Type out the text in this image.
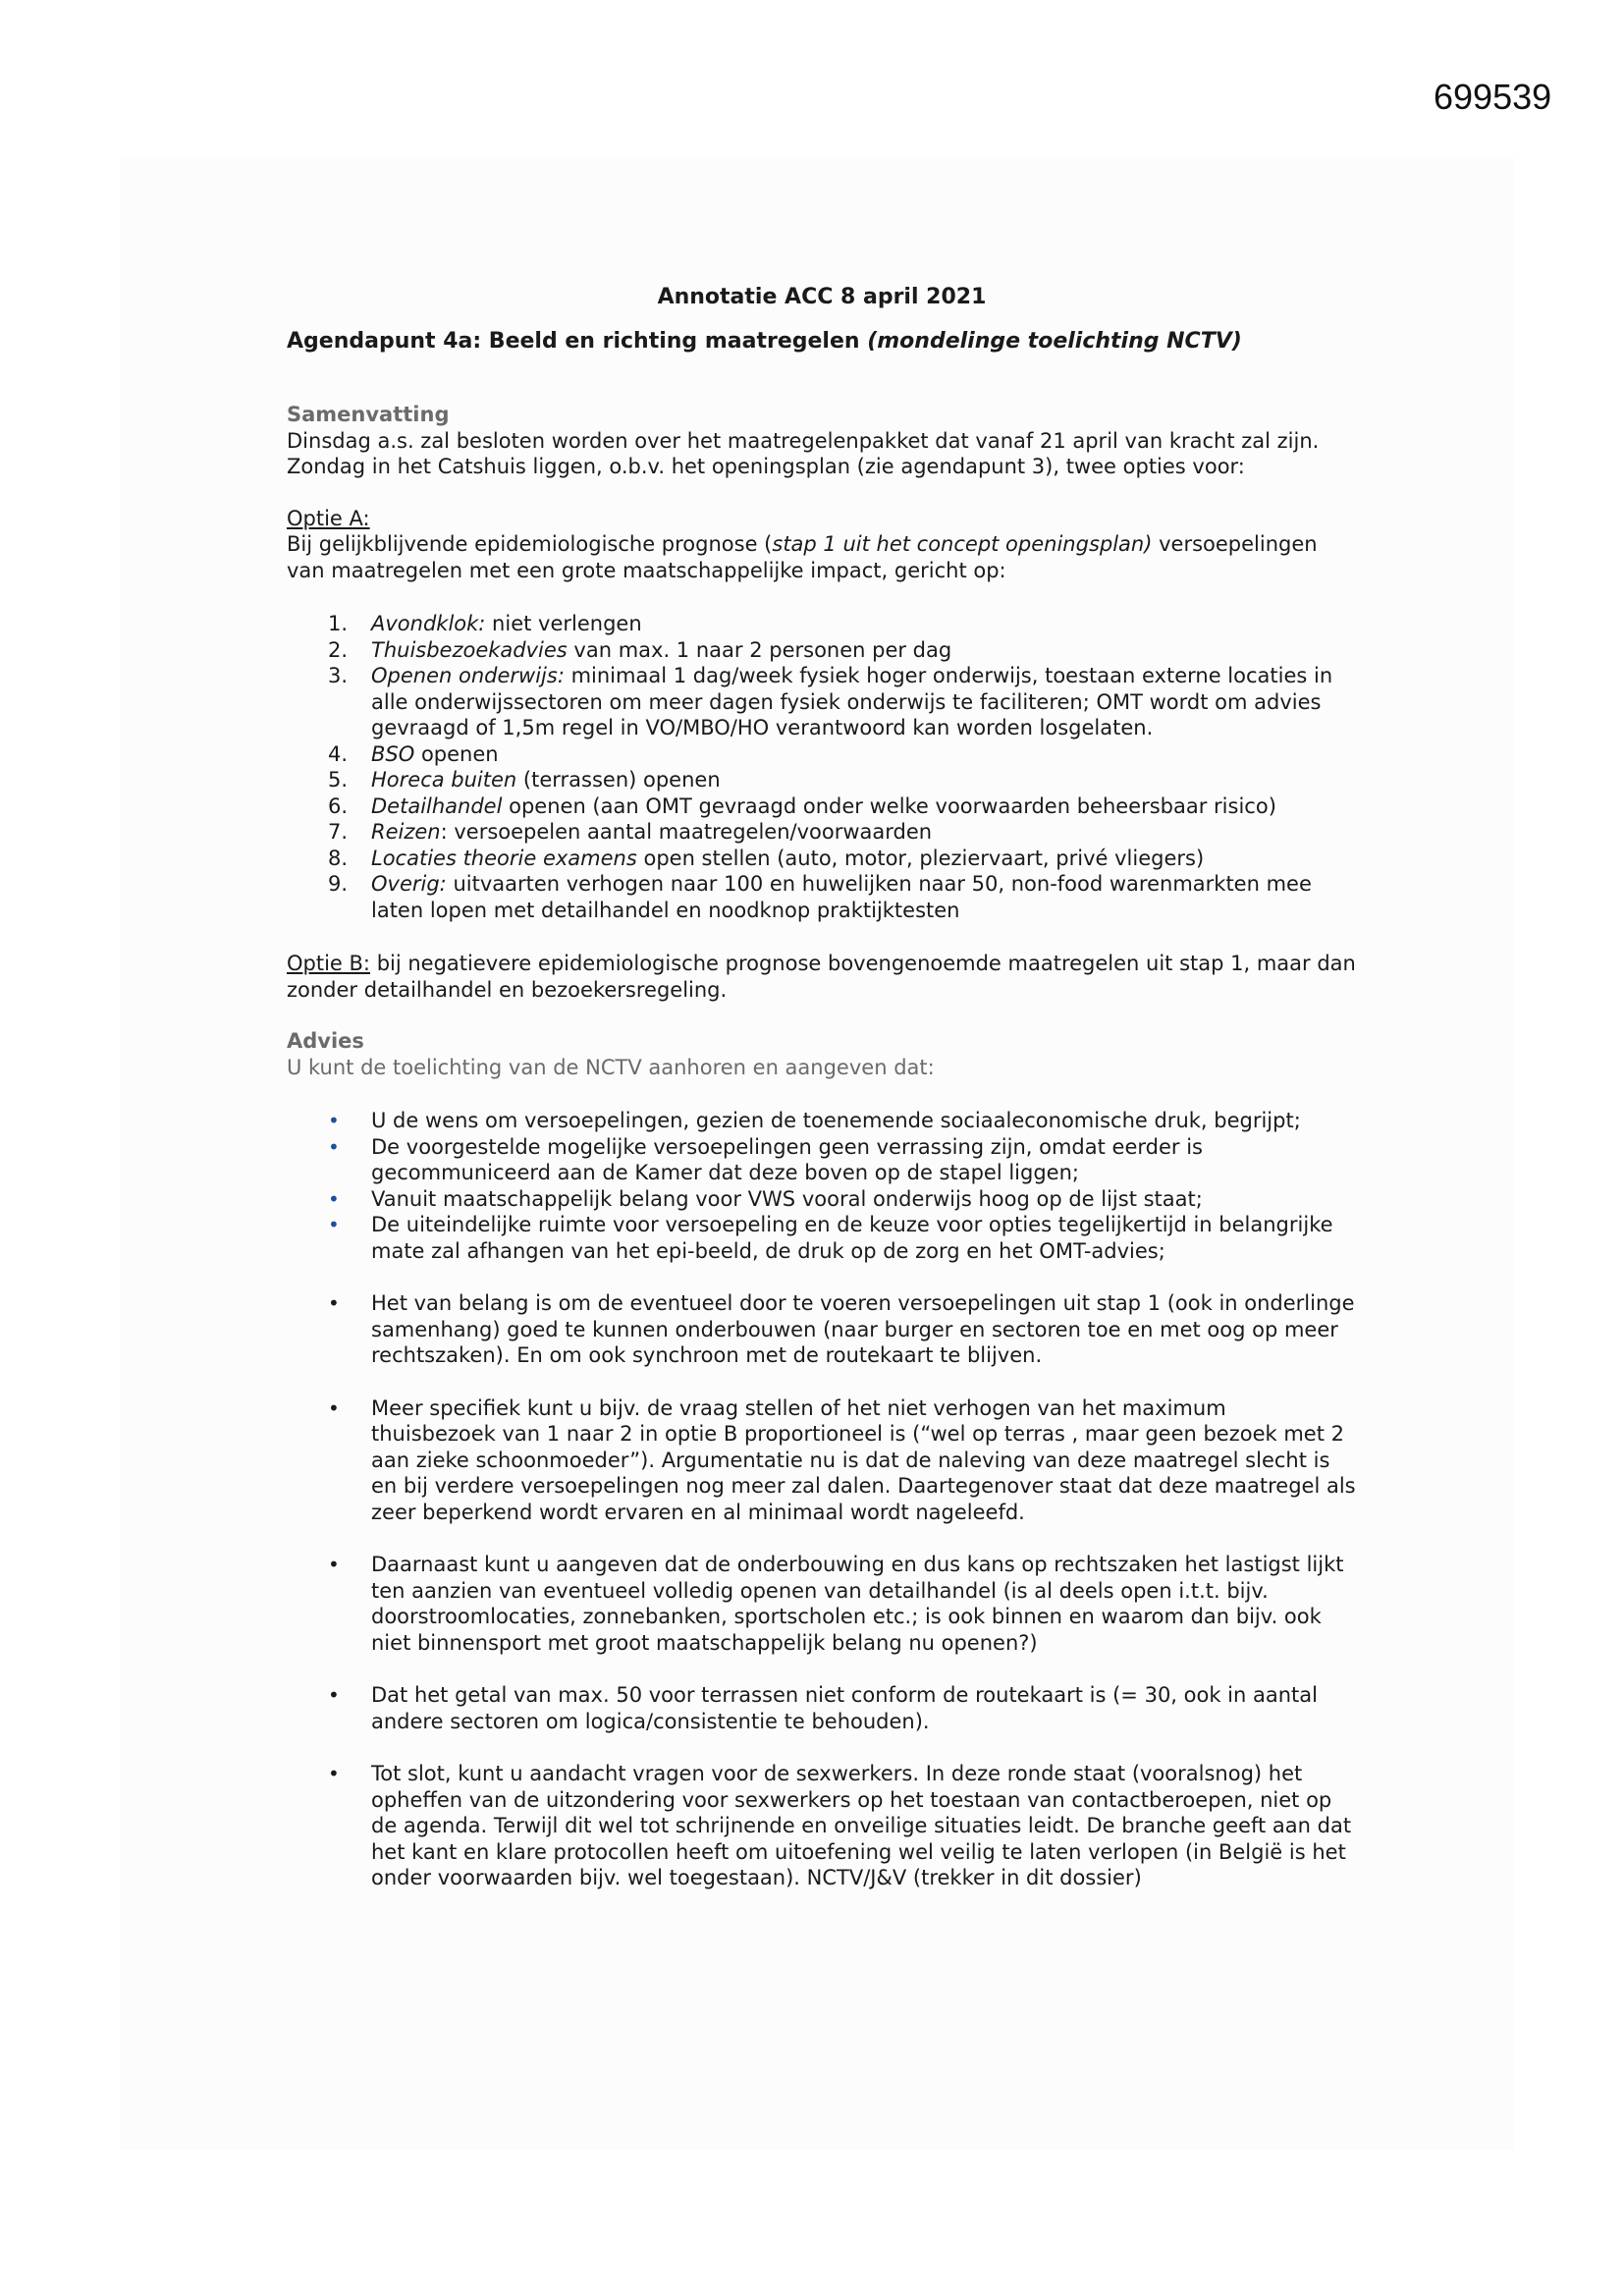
699539

Annotatie ACC 8 april 2021

Agendapunt 4a: Beeld en richting maatregelen (mondelinge toelichting NCTV)

Samenvatting

Dinsdag a.s. zal besloten worden over het maatregelenpakket dat vanaf 21 april van kracht zal zijn. Zondag in het Catshuis liggen, o.b.v. het openingsplan (zie agendapunt 3), twee opties voor:

Optie A:

Bij gelijkblijvende epidemiologische prognose (stap 1 uit het concept openingsplan) versoepelingen van maatregelen met een grote maatschappelijke impact, gericht op:

1.	Avondklok: niet verlengen
2.	Thuisbezoekadvies van max. 1 naar 2 personen per dag
3.	Openen onderwijs: minimaal 1 dag/week fysiek hoger onderwijs, toestaan externe locaties in alle onderwijssectoren om meer dagen fysiek onderwijs te faciliteren; OMT wordt om advies gevraagd of 1,5m regel in VO/MBO/HO verantwoord kan worden losgelaten.
4.	BSO openen
5.	Horeca buiten (terrassen) openen
6.	Detailhandel openen (aan OMT gevraagd onder welke voorwaarden beheersbaar risico)
7.	Reizen: versoepelen aantal maatregelen/voorwaarden
8.	Locaties theorie examens open stellen (auto, motor, pleziervaart, privé vliegers)
9.	Overig: uitvaarten verhogen naar 100 en huwelijken naar 50, non-food warenmarkten mee laten lopen met detailhandel en noodknop praktijktesten

Optie B: bij negatievere epidemiologische prognose bovengenoemde maatregelen uit stap 1, maar dan zonder detailhandel en bezoekersregeling.

Advies

U kunt de toelichting van de NCTV aanhoren en aangeven dat:

• U de wens om versoepelingen, gezien de toenemende sociaaleconomische druk, begrijpt;
• De voorgestelde mogelijke versoepelingen geen verrassing zijn, omdat eerder is gecommuniceerd aan de Kamer dat deze boven op de stapel liggen;
• Vanuit maatschappelijk belang voor VWS vooral onderwijs hoog op de lijst staat;
• De uiteindelijke ruimte voor versoepeling en de keuze voor opties tegelijkertijd in belangrijke mate zal afhangen van het epi-beeld, de druk op de zorg en het OMT-advies;
• Het van belang is om de eventueel door te voeren versoepelingen uit stap 1 (ook in onderlinge samenhang) goed te kunnen onderbouwen (naar burger en sectoren toe en met oog op meer rechtszaken). En om ook synchroon met de routekaart te blijven.
• Meer specifiek kunt u bijv. de vraag stellen of het niet verhogen van het maximum thuisbezoek van 1 naar 2 in optie B proportioneel is (“wel op terras , maar geen bezoek met 2 aan zieke schoonmoeder”). Argumentatie nu is dat de naleving van deze maatregel slecht is en bij verdere versoepelingen nog meer zal dalen. Daartegenover staat dat deze maatregel als zeer beperkend wordt ervaren en al minimaal wordt nageleefd.
• Daarnaast kunt u aangeven dat de onderbouwing en dus kans op rechtszaken het lastigst lijkt ten aanzien van eventueel volledig openen van detailhandel (is al deels open i.t.t. bijv. doorstroomlocaties, zonnebanken, sportscholen etc.; is ook binnen en waarom dan bijv. ook niet binnensport met groot maatschappelijk belang nu openen?)
• Dat het getal van max. 50 voor terrassen niet conform de routekaart is (= 30, ook in aantal andere sectoren om logica/consistentie te behouden).
• Tot slot, kunt u aandacht vragen voor de sexwerkers. In deze ronde staat (vooralsnog) het opheffen van de uitzondering voor sexwerkers op het toestaan van contactberoepen, niet op de agenda. Terwijl dit wel tot schrijnende en onveilige situaties leidt. De branche geeft aan dat het kant en klare protocollen heeft om uitoefening wel veilig te laten verlopen (in België is het onder voorwaarden bijv. wel toegestaan). NCTV/J&V (trekker in dit dossier)
